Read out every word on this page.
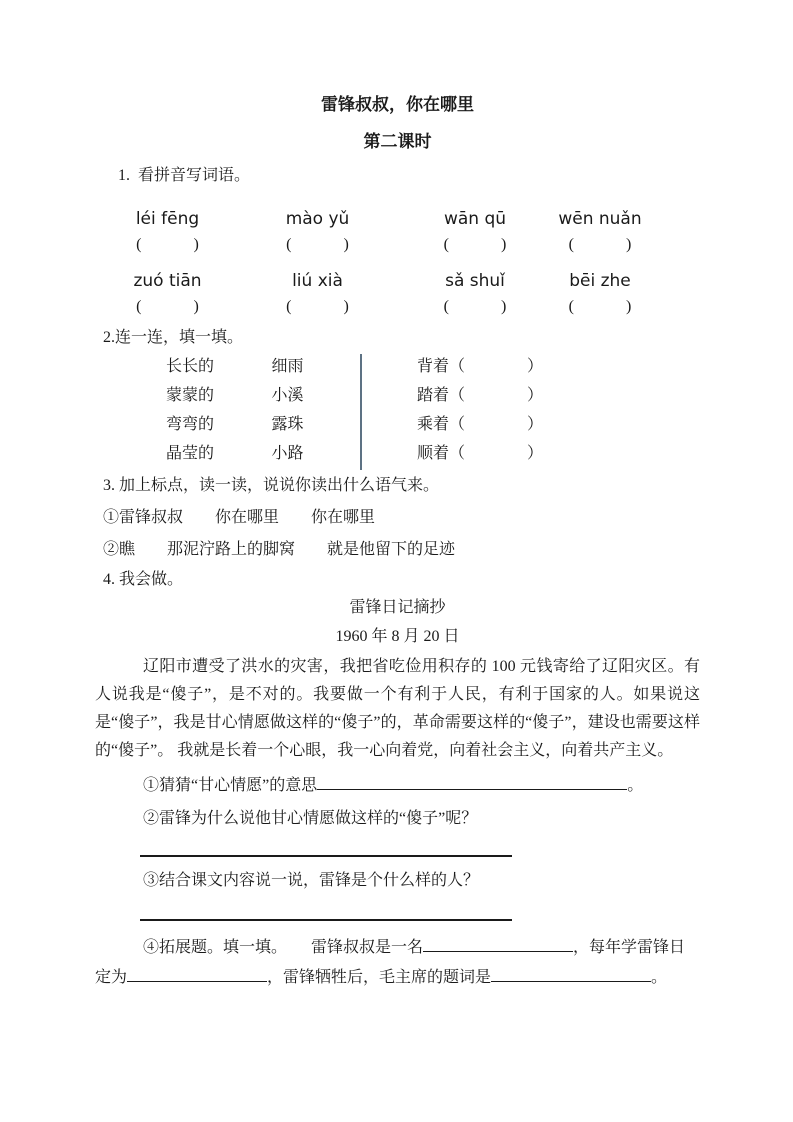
雷锋叔叔，你在哪里
第二课时

1.  看拼音写词语。

léi fēng	mào yǔ	wān qū	wēn nuǎn
(	)	(	)	(	)	(	)
zuó tiān	liú xià	sǎ shuǐ	bēi zhe
(	)	(	)	(	)	(	)

2.连一连，填一填。

长长的	细雨
蒙蒙的	小溪
弯弯的	露珠
晶莹的	小路
背着（	）
踏着（	）
乘着（	）
顺着（	）

3. 加上标点，读一读，说说你读出什么语气来。

①雷锋叔叔　　你在哪里　　你在哪里

②瞧　　那泥泞路上的脚窝　　就是他留下的足迹

4. 我会做。

雷锋日记摘抄

1960 年 8 月 20 日

辽阳市遭受了洪水的灾害，我把省吃俭用积存的 100 元钱寄给了辽阳灾区。有人说我是“傻子”，是不对的。我要做一个有利于人民，有利于国家的人。如果说这是“傻子”，我是甘心情愿做这样的“傻子”的，革命需要这样的“傻子”，建设也需要这样的“傻子”。 我就是长着一个心眼，我一心向着党，向着社会主义，向着共产主义。

①猜猜“甘心情愿”的意思	。

②雷锋为什么说他甘心情愿做这样的“傻子”呢？

③结合课文内容说一说，雷锋是个什么样的人？

④拓展题。填一填。　　雷锋叔叔是一名	，每年学雷锋日定为	，雷锋牺牲后，毛主席的题词是	。
